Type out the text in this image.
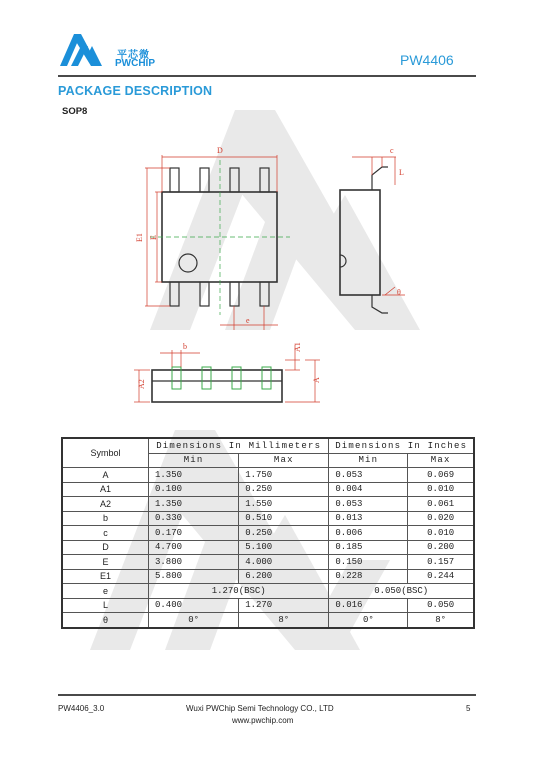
平芯微
PWCHIP	PW4406
PACKAGE DESCRIPTION
SOP8
D
E1 E
e
c
L
θ
b	A1
A2	A
Symbol	Dimensions In Millimeters		Dimensions In Inches	
	Min	Max	Min	Max
A	1.350	1.750	0.053	0.069
A1	0.100	0.250	0.004	0.010
A2	1.350	1.550	0.053	0.061
b	0.330	0.510	0.013	0.020
c	0.170	0.250	0.006	0.010
D	4.700	5.100	0.185	0.200
E	3.800	4.000	0.150	0.157
E1	5.800	6.200	0.228	0.244
e	1.270(BSC)		0.050(BSC)	
L	0.400	1.270	0.016	0.050
θ	0°	8°	0°	8°
PW4406_3.0	Wuxi PWChip Semi Technology CO., LTD
www.pwchip.com
5
